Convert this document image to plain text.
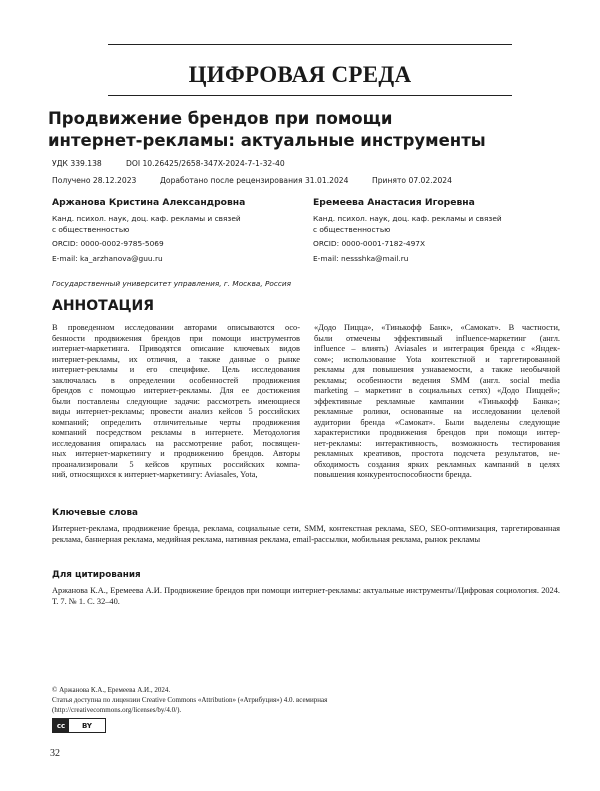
ЦИФРОВАЯ СРЕДА
Продвижение брендов при помощи
интернет-рекламы: актуальные инструменты
УДК 339.138	DOI 10.26425/2658-347X-2024-7-1-32-40
Получено 28.12.2023	Доработано после рецензирования 31.01.2024	Принято 07.02.2024
Аржанова Кристина Александровна
Канд. психол. наук, доц. каф. рекламы и связей
с общественностью
ORCID: 0000-0002-9785-5069
E-mail: ka_arzhanova@guu.ru
Еремеева Анастасия Игоревна
Канд. психол. наук, доц. каф. рекламы и связей
с общественностью
ORCID: 0000-0001-7182-497X
E-mail: nessshka@mail.ru
Государственный университет управления, г. Москва, Россия
АННОТАЦИЯ
В проведенном исследовании авторами описываются осо-
бенности продвижения брендов при помощи инструментов
интернет-маркетинга. Приводятся описание ключевых видов
интернет-рекламы, их отличия, а также данные о рынке
интернет-рекламы и его специфике. Цель исследования
заключалась в определении особенностей продвижения
брендов с помощью интернет-рекламы. Для ее достижения
были поставлены следующие задачи: рассмотреть имеющиеся
виды интернет-рекламы; провести анализ кейсов 5 российских
компаний; определить отличительные черты продвижения
компаний посредством рекламы в интернете. Методология
исследования опиралась на рассмотрение работ, посвящен-
ных интернет-маркетингу и продвижению брендов. Авторы
проанализировали 5 кейсов крупных российских компа-
ний, относящихся к интернет-маркетингу: Aviasales, Yota,
«Додо Пицца», «Тинькофф Банк», «Самокат». В частности,
были отмечены эффективный influence-маркетинг (англ.
influence – влиять) Aviasales и интеграция бренда с «Яндек-
сом»; использование Yota контекстной и таргетированной
рекламы для повышения узнаваемости, а также необычной
рекламы; особенности ведения SMM (англ. social media
marketing – маркетинг в социальных сетях) «Додо Пиццей»;
эффективные рекламные кампании «Тинькофф Банка»;
рекламные ролики, основанные на исследовании целевой
аудитории бренда «Самокат». Были выделены следующие
характеристики продвижения брендов при помощи интер-
нет-рекламы: интерактивность, возможность тестирования
рекламных креативов, простота подсчета результатов, не-
обходимость создания ярких рекламных кампаний в целях
повышения конкурентоспособности бренда.
Ключевые слова
Интернет-реклама, продвижение бренда, реклама, социальные сети, SMM, контекстная реклама, SEO, SEO-оптимизация, таргетированная реклама, баннерная реклама, медийная реклама, нативная реклама, email-рассылки, мобильная реклама, рынок рекламы
Для цитирования
Аржанова К.А., Еремеева А.И. Продвижение брендов при помощи интернет-рекламы: актуальные инструменты//Цифровая социология. 2024. Т. 7. № 1. С. 32–40.
© Аржанова К.А., Еремеева А.И., 2024.
Статья доступна по лицензии Creative Commons «Attribution» («Атрибуция») 4.0. всемирная
(http://creativecommons.org/licenses/by/4.0/).
cc	BY
32
